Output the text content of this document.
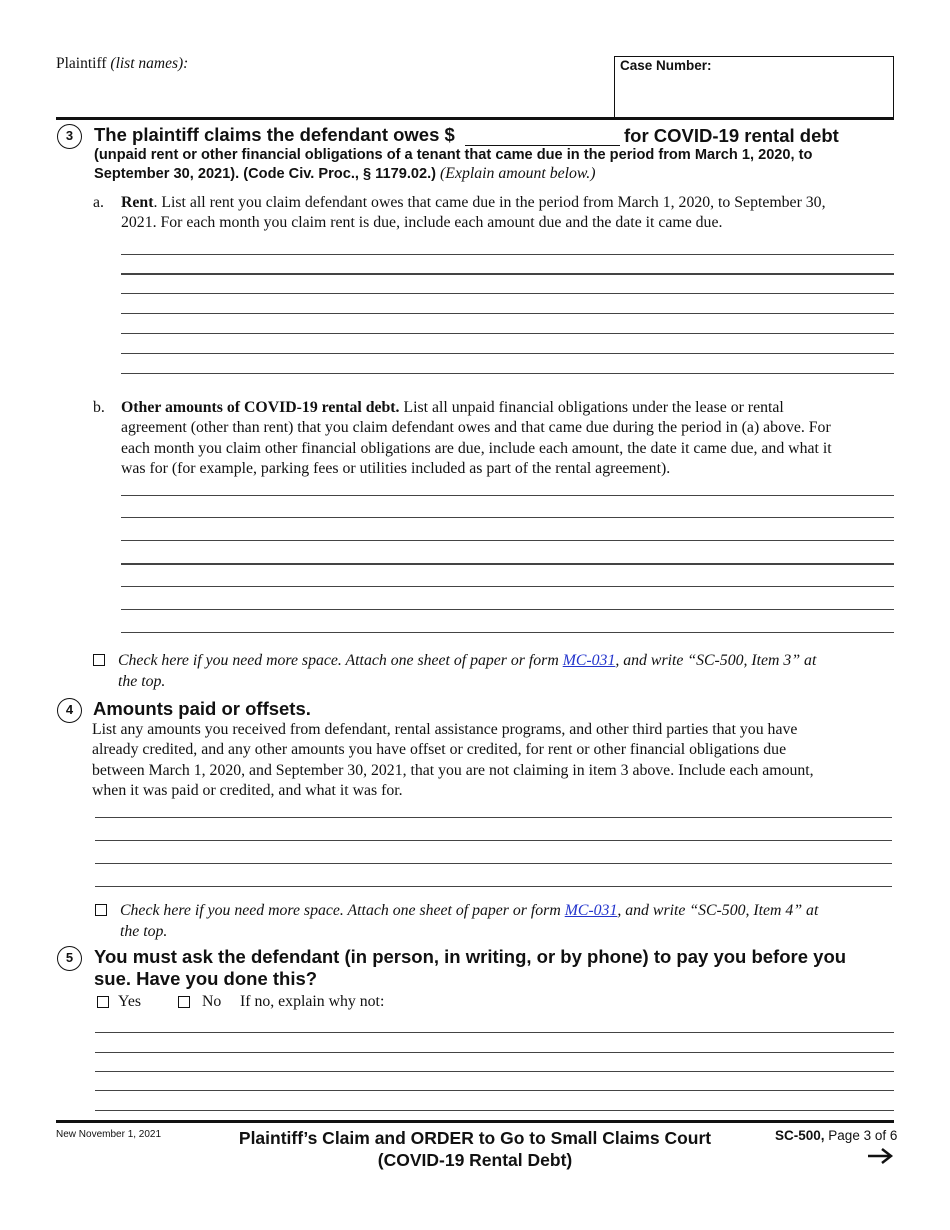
Plaintiff (list names):	Case Number:
3	The plaintiff claims the defendant owes $	for COVID-19 rental debt
(unpaid rent or other financial obligations of a tenant that came due in the period from March 1, 2020, to
September 30, 2021). (Code Civ. Proc., § 1179.02.) (Explain amount below.)
a. Rent. List all rent you claim defendant owes that came due in the period from March 1, 2020, to September 30,
2021. For each month you claim rent is due, include each amount due and the date it came due.
b. Other amounts of COVID-19 rental debt. List all unpaid financial obligations under the lease or rental
agreement (other than rent) that you claim defendant owes and that came due during the period in (a) above. For
each month you claim other financial obligations are due, include each amount, the date it came due, and what it
was for (for example, parking fees or utilities included as part of the rental agreement).
Check here if you need more space. Attach one sheet of paper or form MC-031, and write “SC-500, Item 3” at
the top.
4	Amounts paid or offsets.
List any amounts you received from defendant, rental assistance programs, and other third parties that you have
already credited, and any other amounts you have offset or credited, for rent or other financial obligations due
between March 1, 2020, and September 30, 2021, that you are not claiming in item 3 above. Include each amount,
when it was paid or credited, and what it was for.
Check here if you need more space. Attach one sheet of paper or form MC-031, and write “SC-500, Item 4” at
the top.
5	You must ask the defendant (in person, in writing, or by phone) to pay you before you
sue. Have you done this?
Yes	No If no, explain why not:
New November 1, 2021	Plaintiff’s Claim and ORDER to Go to Small Claims Court
(COVID-19 Rental Debt)
SC-500, Page 3 of 6
